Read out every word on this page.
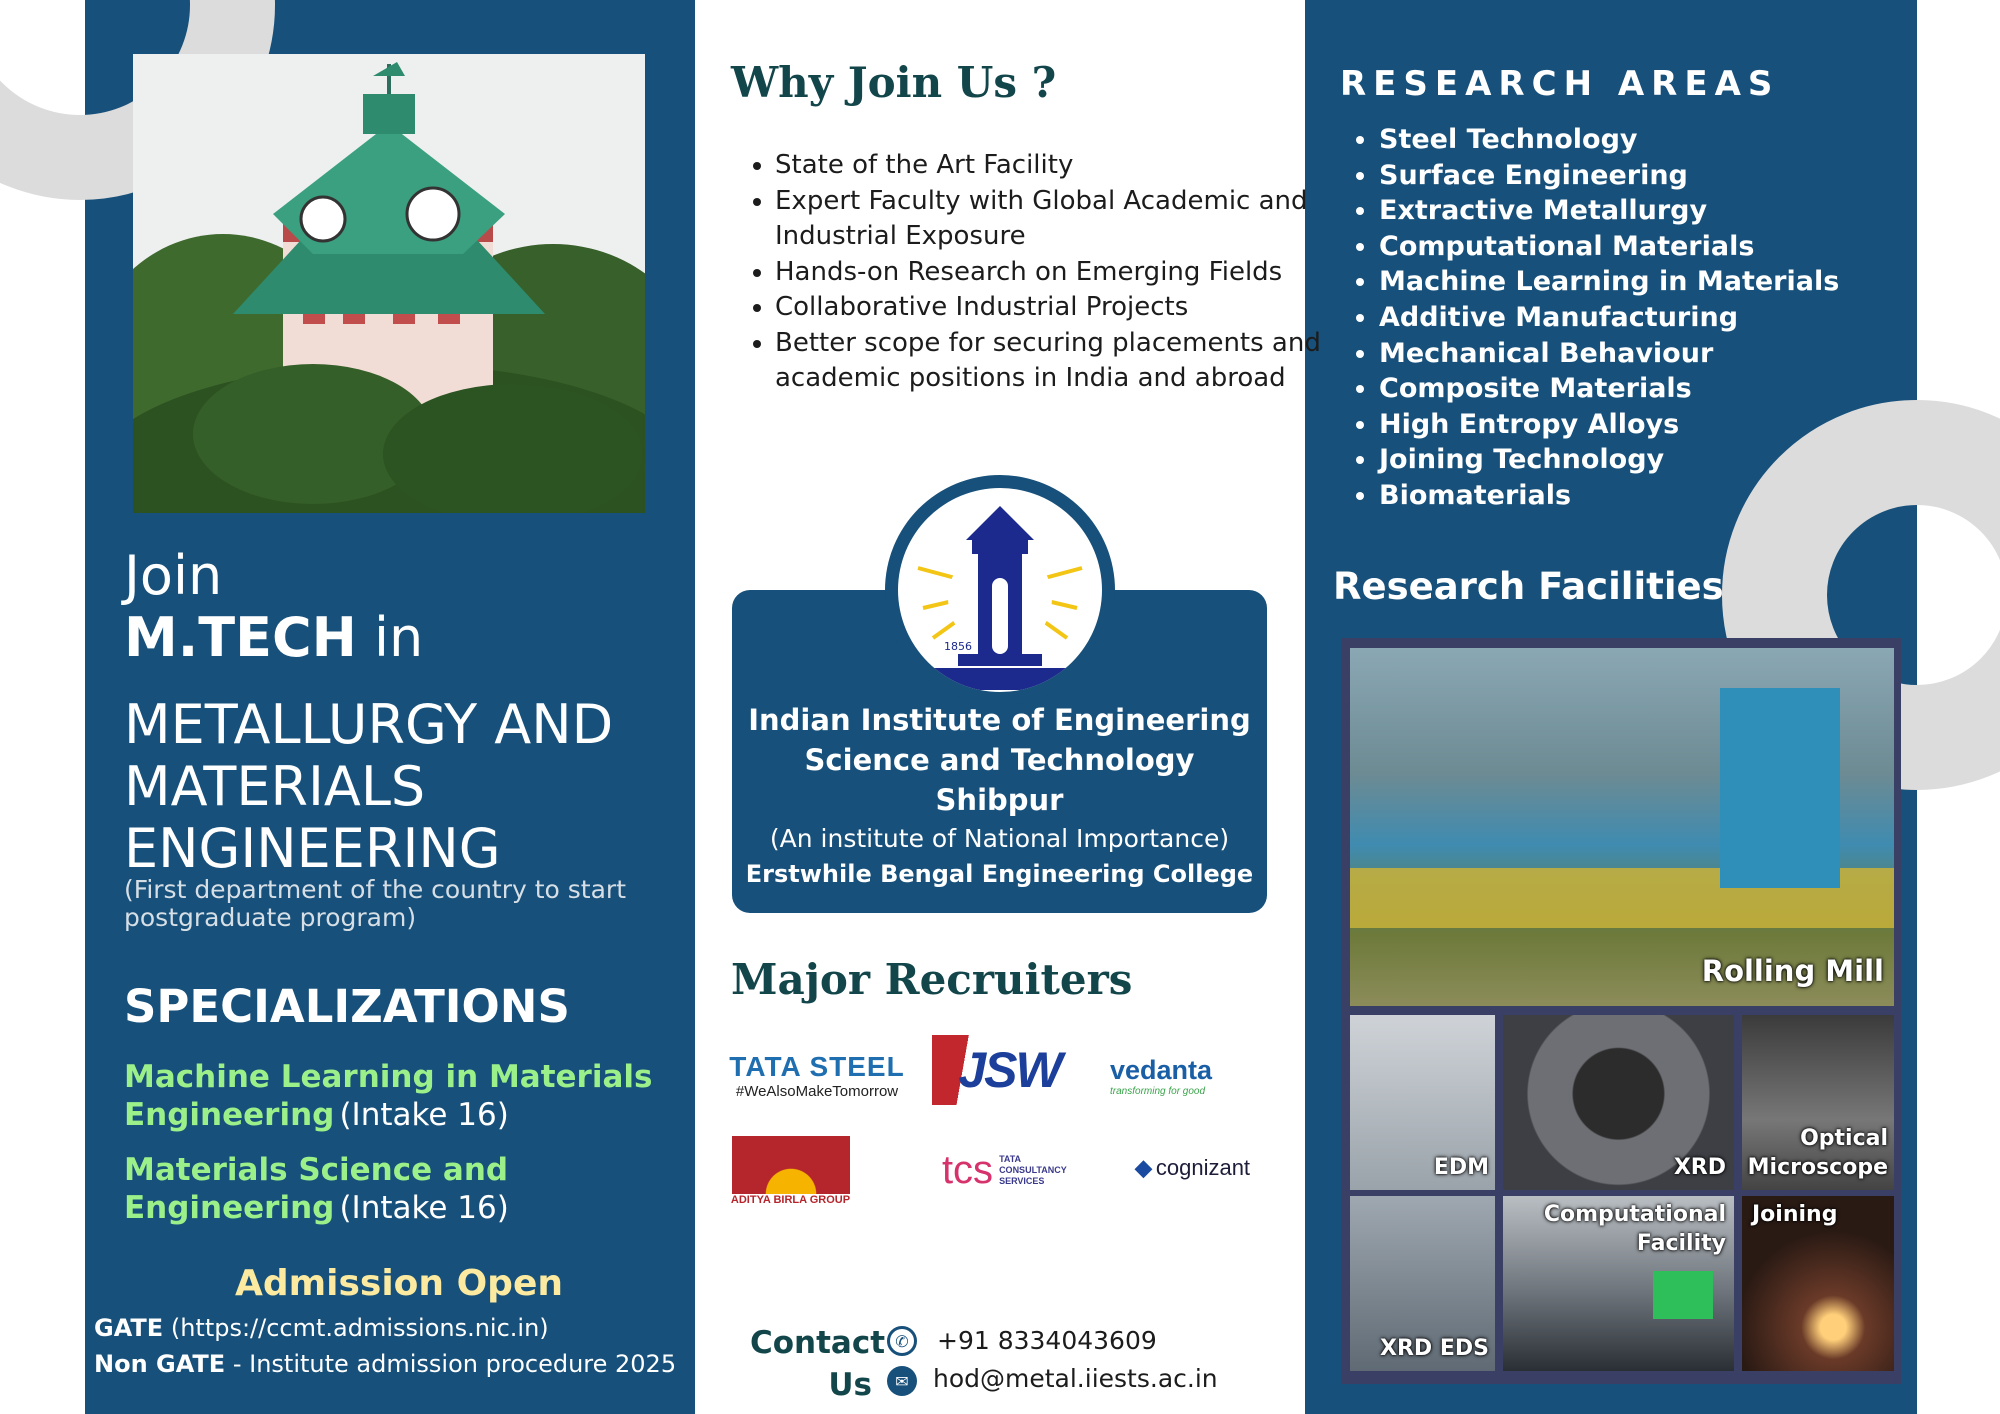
Join
M.TECH in
METALLURGY AND
MATERIALS
ENGINEERING
(First department of the country to start postgraduate program)
SPECIALIZATIONS
Machine Learning in Materials
Engineering (Intake 16)
Materials Science and
Engineering (Intake 16)
Admission Open
GATE (https://ccmt.admissions.nic.in)
Non GATE - Institute admission procedure 2025
Why Join Us ?
• State of the Art Facility
• Expert Faculty with Global Academic and Industrial Exposure
• Hands-on Research on Emerging Fields
• Collaborative Industrial Projects
• Better scope for securing placements and academic positions in India and abroad
1856
Indian Institute of Engineering
Science and Technology
Shibpur
(An institute of National Importance)
Erstwhile Bengal Engineering College
Major Recruiters
TATA STEEL
#WeAlsoMakeTomorrow JSW vedanta
transforming for good
ADITYA BIRLA GROUP
tcs TATA CONSULTANCY SERVICES
◆ cognizant
Contact
Us
✆	+91 8334043609
✉ hod@metal.iiests.ac.in
RESEARCH AREAS
• Steel Technology
• Surface Engineering
• Extractive Metallurgy
• Computational Materials
• Machine Learning in Materials
• Additive Manufacturing
• Mechanical Behaviour
• Composite Materials
• High Entropy Alloys
• Joining Technology
• Biomaterials
Research Facilities
Rolling Mill
EDM	XRD
Optical
Microscope
XRD EDS
Computational
Facility
Joining
